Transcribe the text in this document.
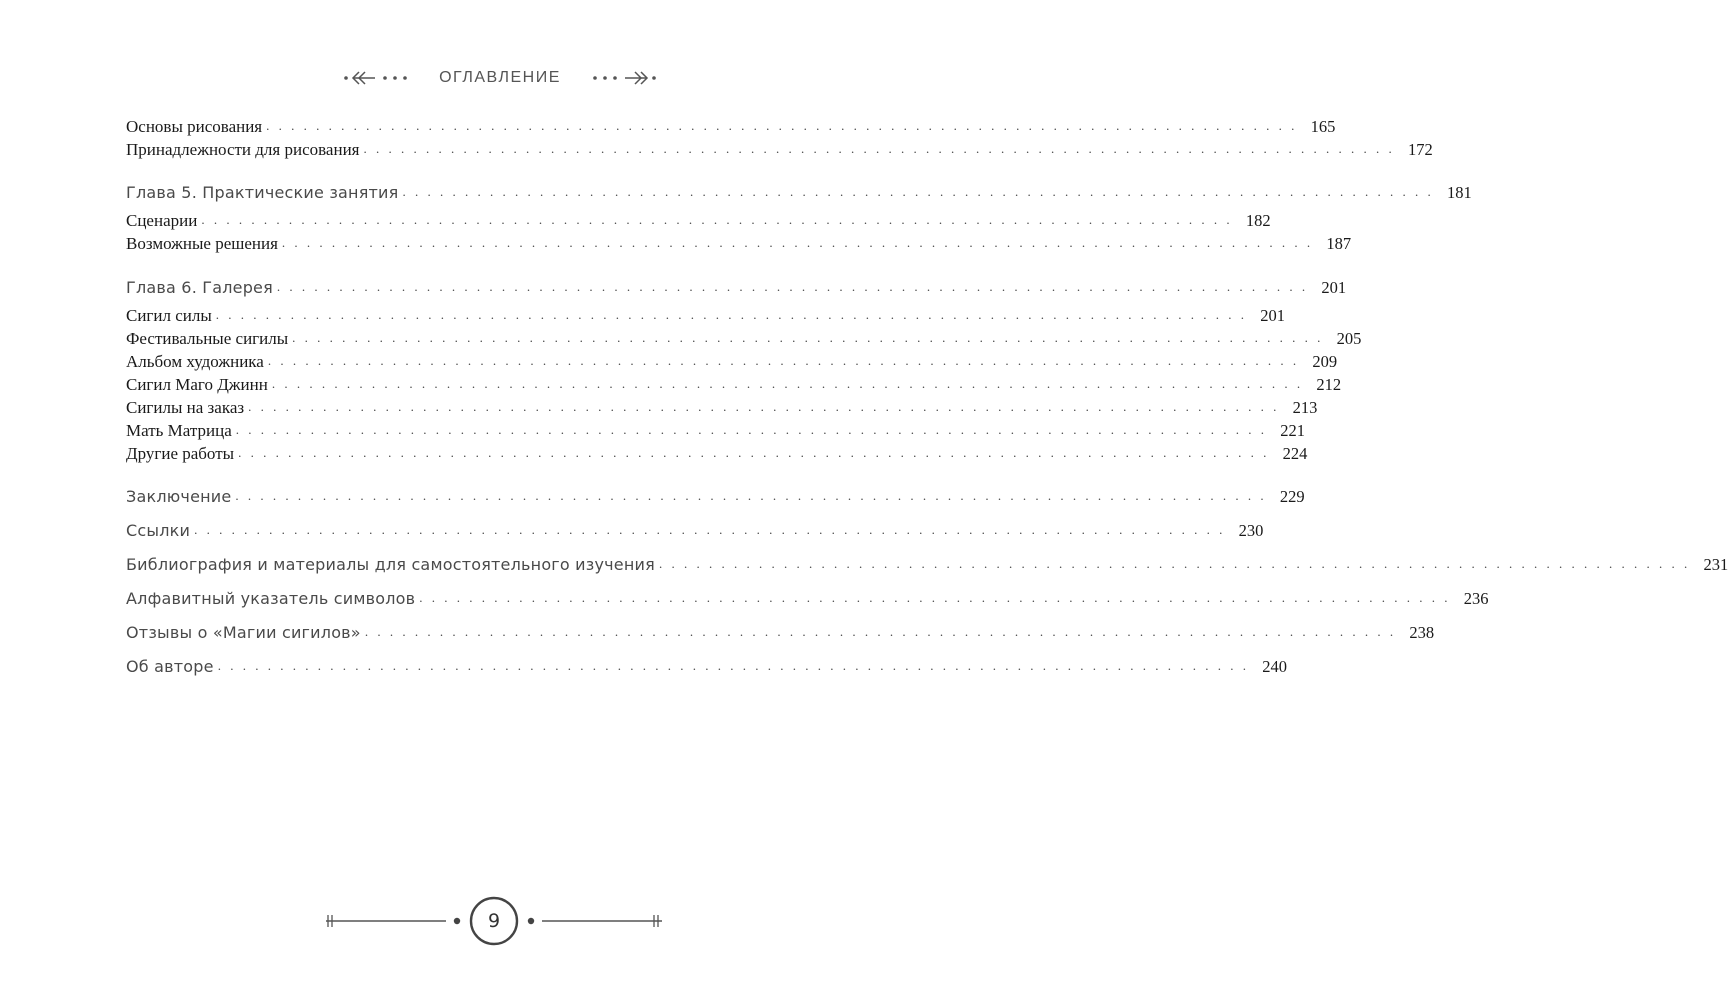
ОГЛАВЛЕНИЕ
Основы рисования . . . . . . . . . . . . . . . . . . . . . . . . . . . . . . . . . . . . . . . . . . . . . . . . . . . . . . . . . . . . . . . . . . . . . . . . . . . . . . . . . . . 165
Принадлежности для рисования . . . . . . . . . . . . . . . . . . . . . . . . . . . . . . . . . . . . . . . . . . . . . . . . . . . . . . . . . . . . . . . . . . . . . . . . . . . . . . . . . . . 172
Глава 5. Практические занятия . . . . . . . . . . . . . . . . . . . . . . . . . . . . . . . . . . . . . . . . . . . . . . . . . . . . . . . . . . . . . . . . . . . . . . . . . . . . . . . . . . . 181
Сценарии . . . . . . . . . . . . . . . . . . . . . . . . . . . . . . . . . . . . . . . . . . . . . . . . . . . . . . . . . . . . . . . . . . . . . . . . . . . . . . . . . . . 182
Возможные решения . . . . . . . . . . . . . . . . . . . . . . . . . . . . . . . . . . . . . . . . . . . . . . . . . . . . . . . . . . . . . . . . . . . . . . . . . . . . . . . . . . . 187
Глава 6. Галерея . . . . . . . . . . . . . . . . . . . . . . . . . . . . . . . . . . . . . . . . . . . . . . . . . . . . . . . . . . . . . . . . . . . . . . . . . . . . . . . . . . . 201
Сигил силы . . . . . . . . . . . . . . . . . . . . . . . . . . . . . . . . . . . . . . . . . . . . . . . . . . . . . . . . . . . . . . . . . . . . . . . . . . . . . . . . . . . 201
Фестивальные сигилы . . . . . . . . . . . . . . . . . . . . . . . . . . . . . . . . . . . . . . . . . . . . . . . . . . . . . . . . . . . . . . . . . . . . . . . . . . . . . . . . . . . 205
Альбом художника . . . . . . . . . . . . . . . . . . . . . . . . . . . . . . . . . . . . . . . . . . . . . . . . . . . . . . . . . . . . . . . . . . . . . . . . . . . . . . . . . . . 209
Сигил Маго Джинн . . . . . . . . . . . . . . . . . . . . . . . . . . . . . . . . . . . . . . . . . . . . . . . . . . . . . . . . . . . . . . . . . . . . . . . . . . . . . . . . . . . 212
Сигилы на заказ . . . . . . . . . . . . . . . . . . . . . . . . . . . . . . . . . . . . . . . . . . . . . . . . . . . . . . . . . . . . . . . . . . . . . . . . . . . . . . . . . . . 213
Мать Матрица . . . . . . . . . . . . . . . . . . . . . . . . . . . . . . . . . . . . . . . . . . . . . . . . . . . . . . . . . . . . . . . . . . . . . . . . . . . . . . . . . . . 221
Другие работы . . . . . . . . . . . . . . . . . . . . . . . . . . . . . . . . . . . . . . . . . . . . . . . . . . . . . . . . . . . . . . . . . . . . . . . . . . . . . . . . . . . 224
Заключение . . . . . . . . . . . . . . . . . . . . . . . . . . . . . . . . . . . . . . . . . . . . . . . . . . . . . . . . . . . . . . . . . . . . . . . . . . . . . . . . . . . 229
Ссылки . . . . . . . . . . . . . . . . . . . . . . . . . . . . . . . . . . . . . . . . . . . . . . . . . . . . . . . . . . . . . . . . . . . . . . . . . . . . . . . . . . . 230
Библиография и материалы для самостоятельного изучения . . . . . . . . . . . . . . . . . . . . . . . . . . . . . . . . . . . . . . . . . . . . . . . . . . . . . . . . . . . . . . . . . . . . . . . . . . . . . . . . . . . 231
Алфавитный указатель символов . . . . . . . . . . . . . . . . . . . . . . . . . . . . . . . . . . . . . . . . . . . . . . . . . . . . . . . . . . . . . . . . . . . . . . . . . . . . . . . . . . . 236
Отзывы о «Магии сигилов» . . . . . . . . . . . . . . . . . . . . . . . . . . . . . . . . . . . . . . . . . . . . . . . . . . . . . . . . . . . . . . . . . . . . . . . . . . . . . . . . . . . 238
Об авторе . . . . . . . . . . . . . . . . . . . . . . . . . . . . . . . . . . . . . . . . . . . . . . . . . . . . . . . . . . . . . . . . . . . . . . . . . . . . . . . . . . . 240
9
